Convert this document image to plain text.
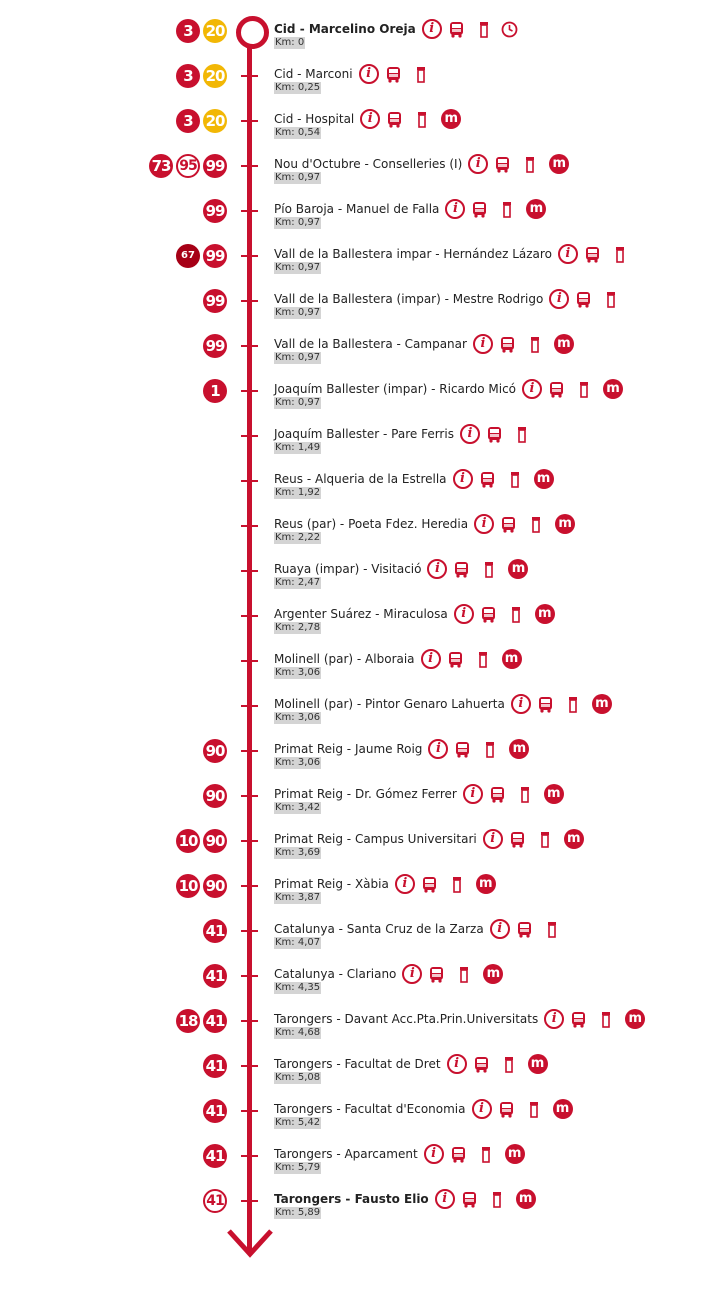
3 20	Cid - Marcelino Oreja	i
Km: 0
3 20	Cid - Marconi	i
Km: 0,25
3 20	Cid - Hospital	i	m
Km: 0,54
73 95 99	Nou d'Octubre - Conselleries (I)	i	m
Km: 0,97
99	Pío Baroja - Manuel de Falla	i	m
Km: 0,97
67 99	Vall de la Ballestera impar - Hernández Lázaro	i
Km: 0,97
99	Vall de la Ballestera (impar) - Mestre Rodrigo	i
Km: 0,97
99	Vall de la Ballestera - Campanar	i	m
Km: 0,97
1	Joaquím Ballester (impar) - Ricardo Micó	i	m
Km: 0,97
Joaquím Ballester - Pare Ferris	i
Km: 1,49
Reus - Alqueria de la Estrella	i	m
Km: 1,92
Reus (par) - Poeta Fdez. Heredia	i	m
Km: 2,22
Ruaya (impar) - Visitació	i	m
Km: 2,47
Argenter Suárez - Miraculosa	i	m
Km: 2,78
Molinell (par) - Alboraia	i	m
Km: 3,06
Molinell (par) - Pintor Genaro Lahuerta	i	m
Km: 3,06
90	Primat Reig - Jaume Roig	i	m
Km: 3,06
90	Primat Reig - Dr. Gómez Ferrer	i	m
Km: 3,42
10 90	Primat Reig - Campus Universitari	i	m
Km: 3,69
10 90	Primat Reig - Xàbia	i	m
Km: 3,87
41	Catalunya - Santa Cruz de la Zarza	i
Km: 4,07
41	Catalunya - Clariano	i	m
Km: 4,35
18 41	Tarongers - Davant Acc.Pta.Prin.Universitats	i	m
Km: 4,68
41	Tarongers - Facultat de Dret	i	m
Km: 5,08
41	Tarongers - Facultat d'Economia	i	m
Km: 5,42
41	Tarongers - Aparcament	i	m
Km: 5,79
41	Tarongers - Fausto Elio	i	m
Km: 5,89
